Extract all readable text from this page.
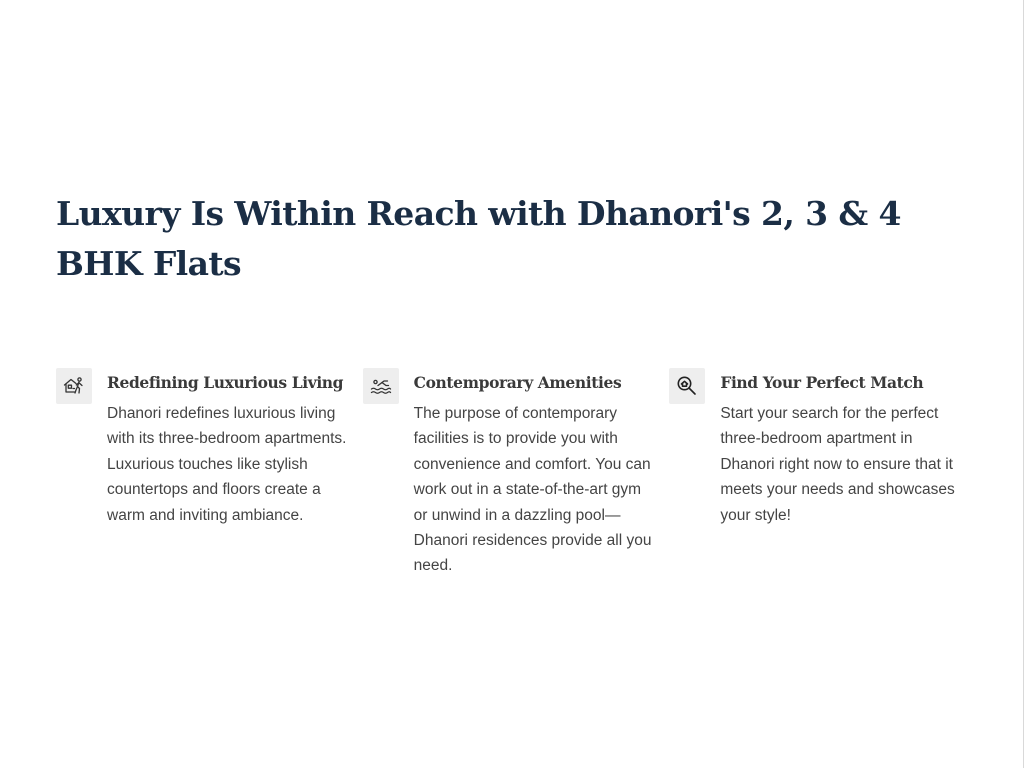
Luxury Is Within Reach with Dhanori's 2, 3 & 4 BHK Flats
Redefining Luxurious Living

Dhanori redefines luxurious living with its three-bedroom apartments. Luxurious touches like stylish countertops and floors create a warm and inviting ambiance.

Contemporary Amenities

The purpose of contemporary facilities is to provide you with convenience and comfort. You can work out in a state-of-the-art gym or unwind in a dazzling pool—Dhanori residences provide all you need.

Find Your Perfect Match

Start your search for the perfect three-bedroom apartment in Dhanori right now to ensure that it meets your needs and showcases your style!
